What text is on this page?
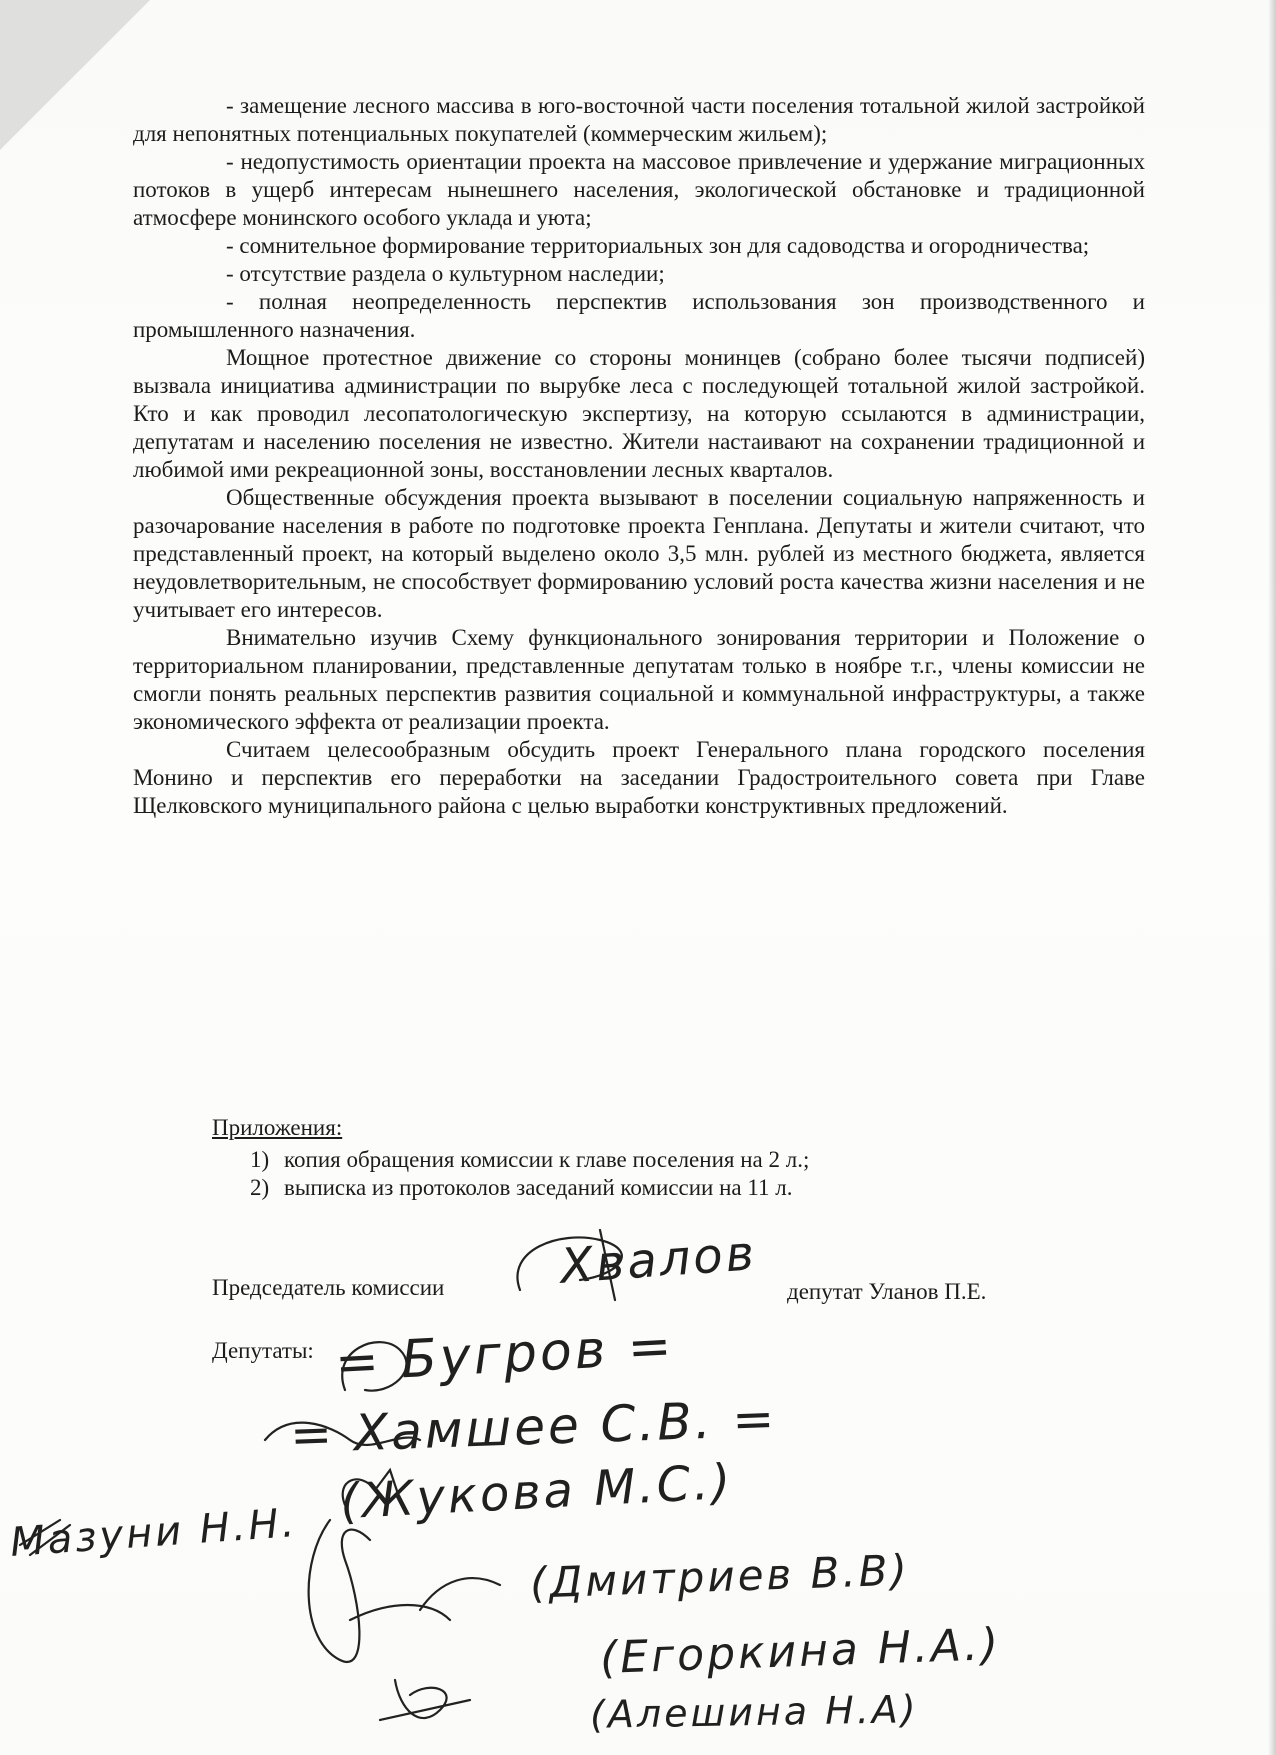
- замещение лесного массива в юго-восточной части поселения тотальной жилой застройкой для непонятных потенциальных покупателей (коммерческим жильем);

- недопустимость ориентации проекта на массовое привлечение и удержание миграционных потоков в ущерб интересам нынешнего населения, экологической обстановке и традиционной атмосфере монинского особого уклада и уюта;

- сомнительное формирование территориальных зон для садоводства и огородничества;

- отсутствие раздела о культурном наследии;

- полная неопределенность перспектив использования зон производственного и промышленного назначения.

Мощное протестное движение со стороны монинцев (собрано более тысячи подписей) вызвала инициатива администрации по вырубке леса с последующей тотальной жилой застройкой. Кто и как проводил лесопатологическую экспертизу, на которую ссылаются в администрации, депутатам и населению поселения не известно. Жители настаивают на сохранении традиционной и любимой ими рекреационной зоны, восстановлении лесных кварталов.

Общественные обсуждения проекта вызывают в поселении социальную напряженность и разочарование населения в работе по подготовке проекта Генплана. Депутаты и жители считают, что представленный проект, на который выделено около 3,5 млн. рублей из местного бюджета, является неудовлетворительным, не способствует формированию условий роста качества жизни населения и не учитывает его интересов.

Внимательно изучив Схему функционального зонирования территории и Положение о территориальном планировании, представленные депутатам только в ноябре т.г., члены комиссии не смогли понять реальных перспектив развития социальной и коммунальной инфраструктуры, а также экономического эффекта от реализации проекта.

Считаем целесообразным обсудить проект Генерального плана городского поселения Монино и перспектив его переработки на заседании Градостроительного совета при Главе Щелковского муниципального района с целью выработки конструктивных предложений.

Приложения:

1) копия обращения комиссии к главе поселения на 2 л.;
2) выписка из протоколов заседаний комиссии на 11 л.
Председатель комиссии	депутат Уланов П.Е.
Депутаты:
Хвалов
= Бугров =
= Хамшее С.В. =
(Жукова М.С.)
Мазуни Н.Н.
(Дмитриев В.В)
(Егоркина Н.А.)
(Алешина Н.А)
